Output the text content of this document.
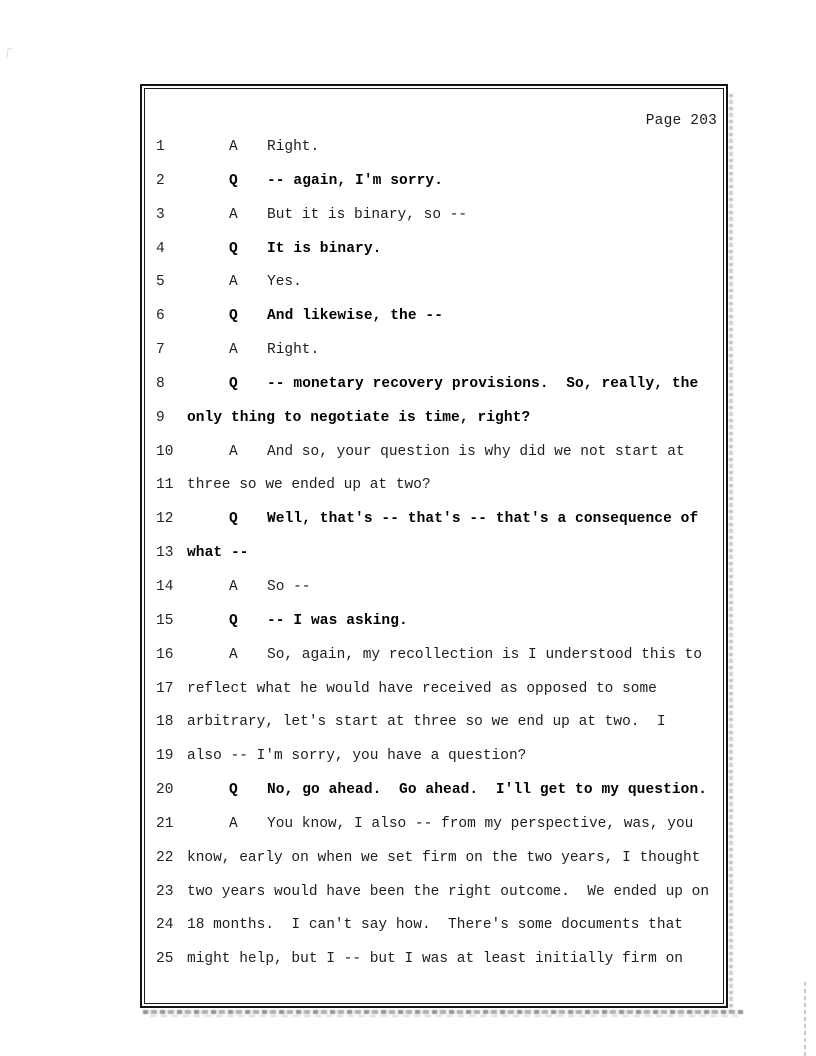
Page 203
1	A Right.
2	Q -- again, I'm sorry.
3	A But it is binary, so --
4	Q It is binary.
5	A Yes.
6	Q And likewise, the --
7	A Right.
8	Q -- monetary recovery provisions.  So, really, the
9 only thing to negotiate is time, right?
10	A And so, your question is why did we not start at
11 three so we ended up at two?
12	Q Well, that's -- that's -- that's a consequence of
13 what --
14	A So --
15	Q -- I was asking.
16	A So, again, my recollection is I understood this to
17 reflect what he would have received as opposed to some
18 arbitrary, let's start at three so we end up at two.  I
19 also -- I'm sorry, you have a question?
20	Q No, go ahead.  Go ahead.  I'll get to my question.
21	A You know, I also -- from my perspective, was, you
22 know, early on when we set firm on the two years, I thought
23 two years would have been the right outcome.  We ended up on
24 18 months.  I can't say how.  There's some documents that
25 might help, but I -- but I was at least initially firm on
